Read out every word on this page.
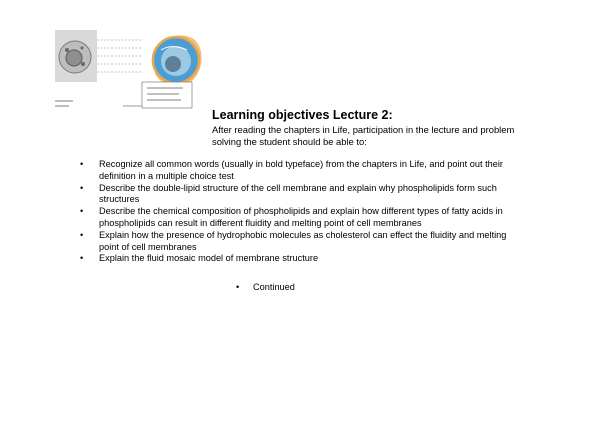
Learning objectives Lecture 2:

After reading the chapters in Life, participation in the lecture and problem solving the student should be able to:

• Recognize all common words (usually in bold typeface) from the chapters in Life, and point out their definition in a multiple choice test
• Describe the double-lipid structure of the cell membrane and explain why phospholipids form such structures
• Describe the chemical composition of phospholipids and explain how different types of fatty acids in phospholipids can result in different fluidity and melting point of cell membranes
• Explain how the presence of hydrophobic molecules as cholesterol can effect the fluidity and melting point of cell membranes
• Explain the fluid mosaic model of membrane structure
• Continued
